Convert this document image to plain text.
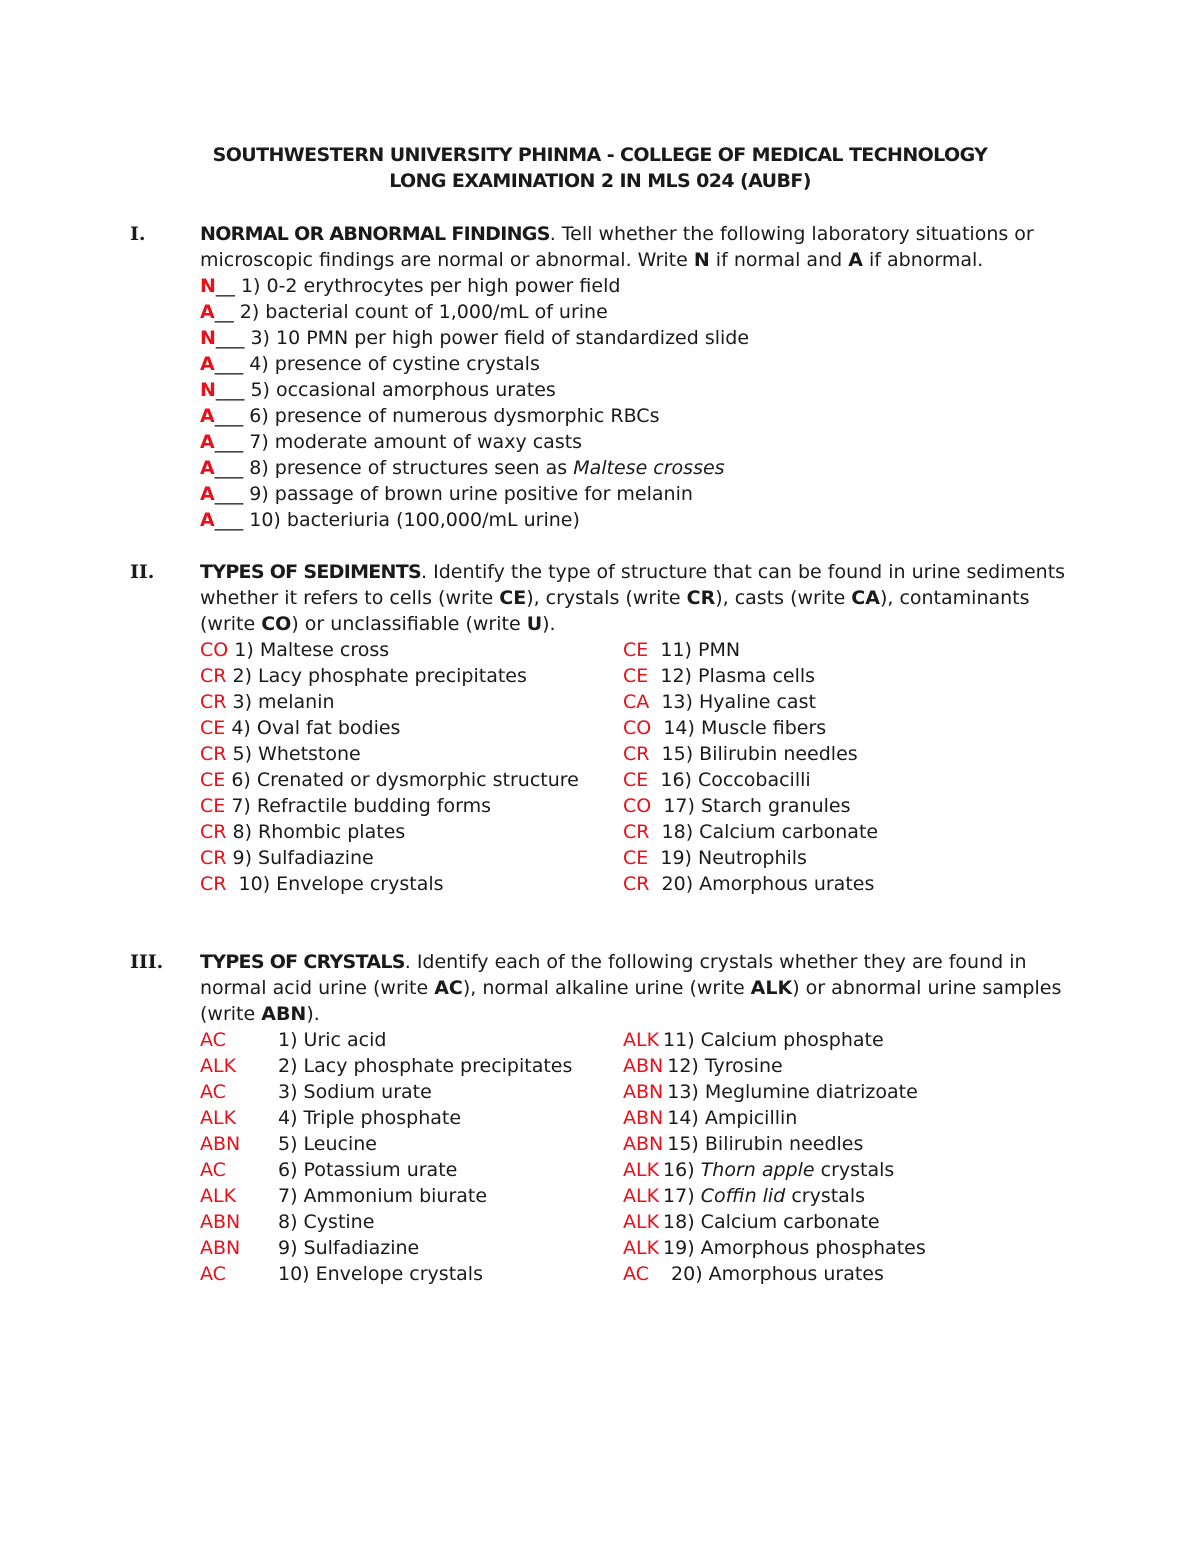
SOUTHWESTERN UNIVERSITY PHINMA - COLLEGE OF MEDICAL TECHNOLOGY
LONG EXAMINATION 2 IN MLS 024 (AUBF)
I.	NORMAL OR ABNORMAL FINDINGS. Tell whether the following laboratory situations or microscopic findings are normal or abnormal. Write N if normal and A if abnormal.

N__ 1) 0-2 erythrocytes per high power field
A__ 2) bacterial count of 1,000/mL of urine
N___ 3) 10 PMN per high power field of standardized slide
A___ 4) presence of cystine crystals
N___ 5) occasional amorphous urates
A___ 6) presence of numerous dysmorphic RBCs
A___ 7) moderate amount of waxy casts
A___ 8) presence of structures seen as Maltese crosses
A___ 9) passage of brown urine positive for melanin
A___ 10) bacteriuria (100,000/mL urine)
II. TYPES OF SEDIMENTS. Identify the type of structure that can be found in urine sediments whether it refers to cells (write CE), crystals (write CR), casts (write CA), contaminants (write CO) or unclassifiable (write U).

CO 1) Maltese cross
CR 2) Lacy phosphate precipitates
CR 3) melanin
CE 4) Oval fat bodies
CR 5) Whetstone
CE 6) Crenated or dysmorphic structure
CE 7) Refractile budding forms
CR 8) Rhombic plates
CR 9) Sulfadiazine
CR  10) Envelope crystals
CE  11) PMN
CE  12) Plasma cells
CA  13) Hyaline cast
CO  14) Muscle fibers
CR  15) Bilirubin needles
CE  16) Coccobacilli
CO  17) Starch granules
CR  18) Calcium carbonate
CE  19) Neutrophils
CR  20) Amorphous urates
III. TYPES OF CRYSTALS. Identify each of the following crystals whether they are found in normal acid urine (write AC), normal alkaline urine (write ALK) or abnormal urine samples (write ABN).

AC	1) Uric acid
ALK 2) Lacy phosphate precipitates
AC	3) Sodium urate
ALK 4) Triple phosphate
ABN 5) Leucine
AC	6) Potassium urate
ALK 7) Ammonium biurate
ABN 8) Cystine
ABN 9) Sulfadiazine
AC	10) Envelope crystals
ALK 11) Calcium phosphate
ABN 12) Tyrosine
ABN 13) Meglumine diatrizoate
ABN 14) Ampicillin
ABN 15) Bilirubin needles
ALK 16) Thorn apple crystals
ALK 17) Coffin lid crystals
ALK 18) Calcium carbonate
ALK 19) Amorphous phosphates
AC   20) Amorphous urates
